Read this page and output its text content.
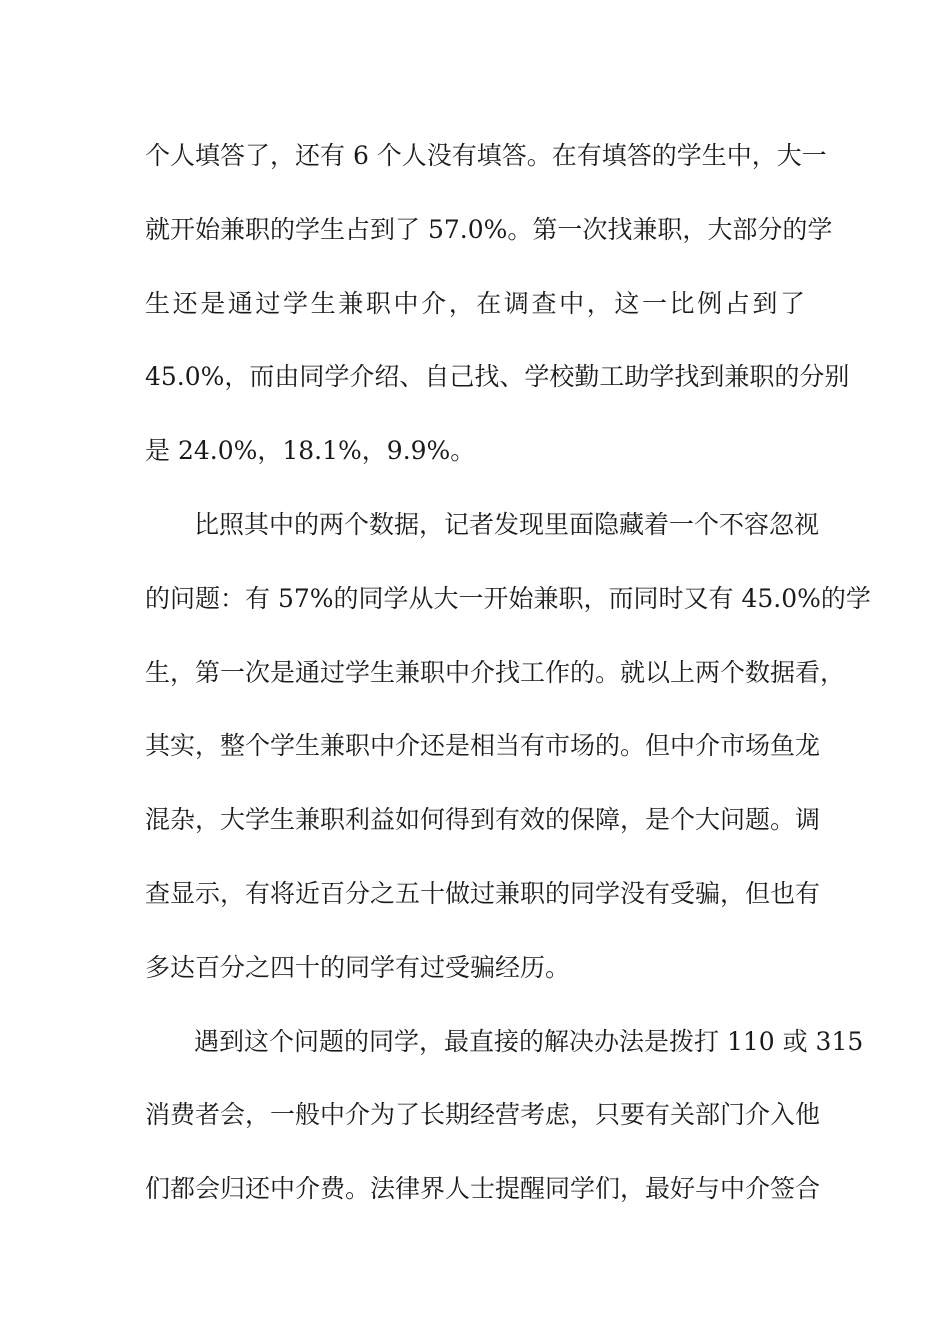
个人填答了，还有 6 个人没有填答。在有填答的学生中，大一
就开始兼职的学生占到了 57.0%。第一次找兼职，大部分的学
生还是通过学生兼职中介，在调查中，这一比例占到了
45.0%，而由同学介绍、自己找、学校勤工助学找到兼职的分别
是 24.0%，18.1%，9.9%。
比照其中的两个数据，记者发现里面隐藏着一个不容忽视
的问题：有 57%的同学从大一开始兼职，而同时又有 45.0%的学
生，第一次是通过学生兼职中介找工作的。就以上两个数据看，
其实，整个学生兼职中介还是相当有市场的。但中介市场鱼龙
混杂，大学生兼职利益如何得到有效的保障，是个大问题。调
查显示，有将近百分之五十做过兼职的同学没有受骗，但也有
多达百分之四十的同学有过受骗经历。
遇到这个问题的同学，最直接的解决办法是拨打 110 或 315
消费者会，一般中介为了长期经营考虑，只要有关部门介入他
们都会归还中介费。法律界人士提醒同学们，最好与中介签合
